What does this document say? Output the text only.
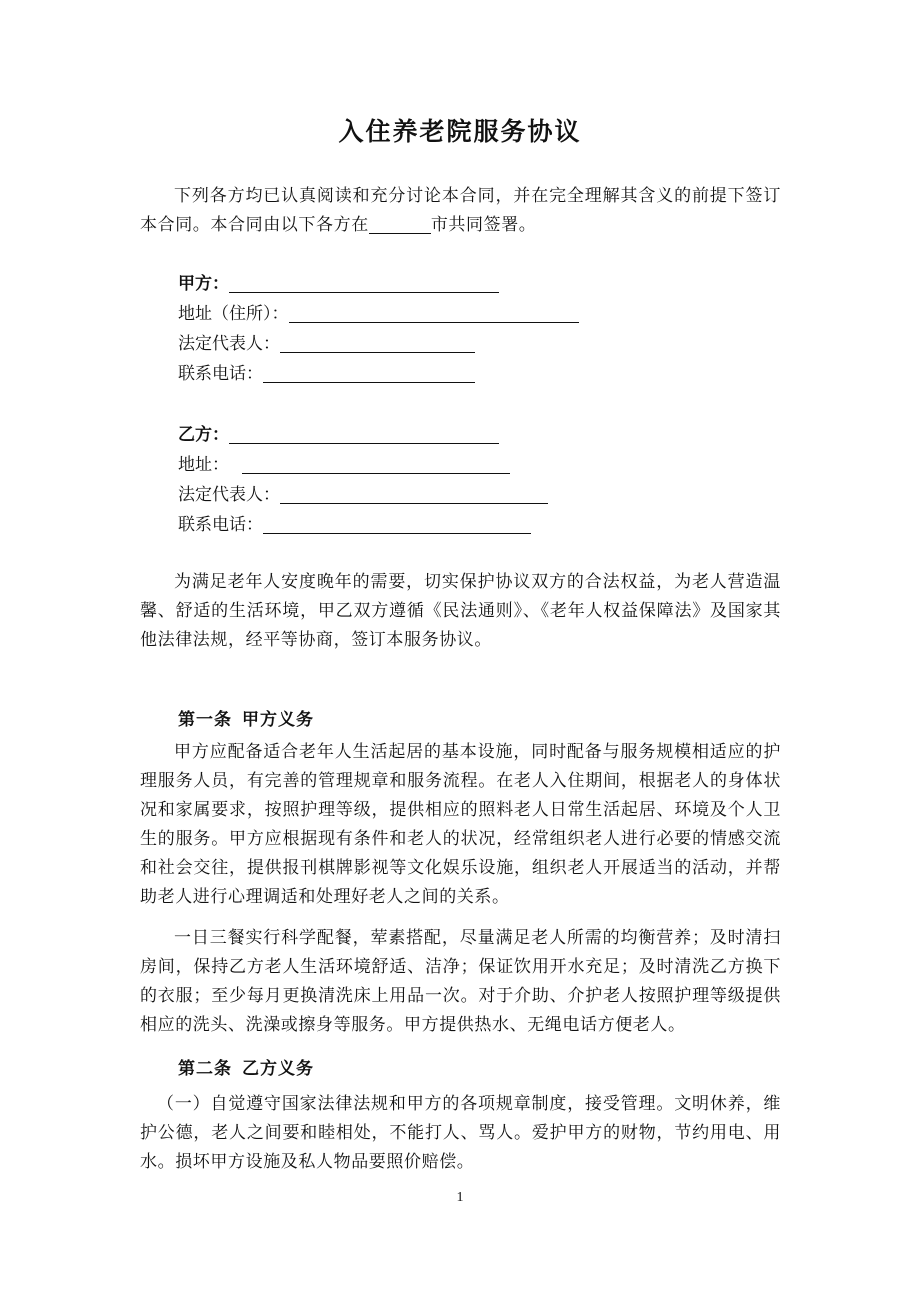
入住养老院服务协议

下列各方均已认真阅读和充分讨论本合同，并在完全理解其含义的前提下签订本合同。本合同由以下各方在	市共同签署。

甲方：
地址（住所）：
法定代表人：
联系电话：
乙方：
地址：
法定代表人：
联系电话：

为满足老年人安度晚年的需要，切实保护协议双方的合法权益，为老人营造温馨、舒适的生活环境，甲乙双方遵循《民法通则》、《老年人权益保障法》及国家其他法律法规，经平等协商，签订本服务协议。

第一条 甲方义务

甲方应配备适合老年人生活起居的基本设施，同时配备与服务规模相适应的护理服务人员，有完善的管理规章和服务流程。在老人入住期间，根据老人的身体状况和家属要求，按照护理等级，提供相应的照料老人日常生活起居、环境及个人卫生的服务。甲方应根据现有条件和老人的状况，经常组织老人进行必要的情感交流和社会交往，提供报刊棋牌影视等文化娱乐设施，组织老人开展适当的活动，并帮助老人进行心理调适和处理好老人之间的关系。

一日三餐实行科学配餐，荤素搭配，尽量满足老人所需的均衡营养；及时清扫房间，保持乙方老人生活环境舒适、洁净；保证饮用开水充足；及时清洗乙方换下的衣服；至少每月更换清洗床上用品一次。对于介助、介护老人按照护理等级提供相应的洗头、洗澡或擦身等服务。甲方提供热水、无绳电话方便老人。

第二条 乙方义务

（一）自觉遵守国家法律法规和甲方的各项规章制度，接受管理。文明休养，维护公德，老人之间要和睦相处，不能打人、骂人。爱护甲方的财物，节约用电、用水。损坏甲方设施及私人物品要照价赔偿。

1
